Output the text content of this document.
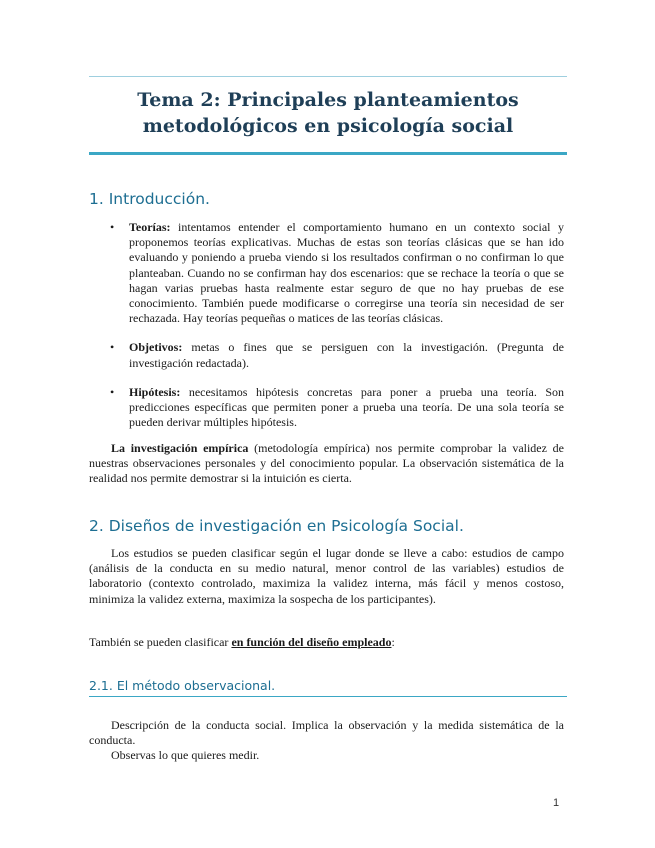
Tema 2: Principales planteamientos
metodológicos en psicología social
1. Introducción.
• Teorías: intentamos entender el comportamiento humano en un contexto social y proponemos teorías explicativas. Muchas de estas son teorías clásicas que se han ido evaluando y poniendo a prueba viendo si los resultados confirman o no confirman lo que planteaban. Cuando no se confirman hay dos escenarios: que se rechace la teoría o que se hagan varias pruebas hasta realmente estar seguro de que no hay pruebas de ese conocimiento. También puede modificarse o corregirse una teoría sin necesidad de ser rechazada. Hay teorías pequeñas o matices de las teorías clásicas.
• Objetivos: metas o fines que se persiguen con la investigación. (Pregunta de investigación redactada).
• Hipótesis: necesitamos hipótesis concretas para poner a prueba una teoría. Son predicciones específicas que permiten poner a prueba una teoría. De una sola teoría se pueden derivar múltiples hipótesis.

La investigación empírica (metodología empírica) nos permite comprobar la validez de nuestras observaciones personales y del conocimiento popular. La observación sistemática de la realidad nos permite demostrar si la intuición es cierta.

2. Diseños de investigación en Psicología Social.

Los estudios se pueden clasificar según el lugar donde se lleve a cabo: estudios de campo (análisis de la conducta en su medio natural, menor control de las variables) estudios de laboratorio (contexto controlado, maximiza la validez interna, más fácil y menos costoso, minimiza la validez externa, maximiza la sospecha de los participantes).

También se pueden clasificar en función del diseño empleado:

2.1. El método observacional.

Descripción de la conducta social. Implica la observación y la medida sistemática de la conducta.

Observas lo que quieres medir.

1
